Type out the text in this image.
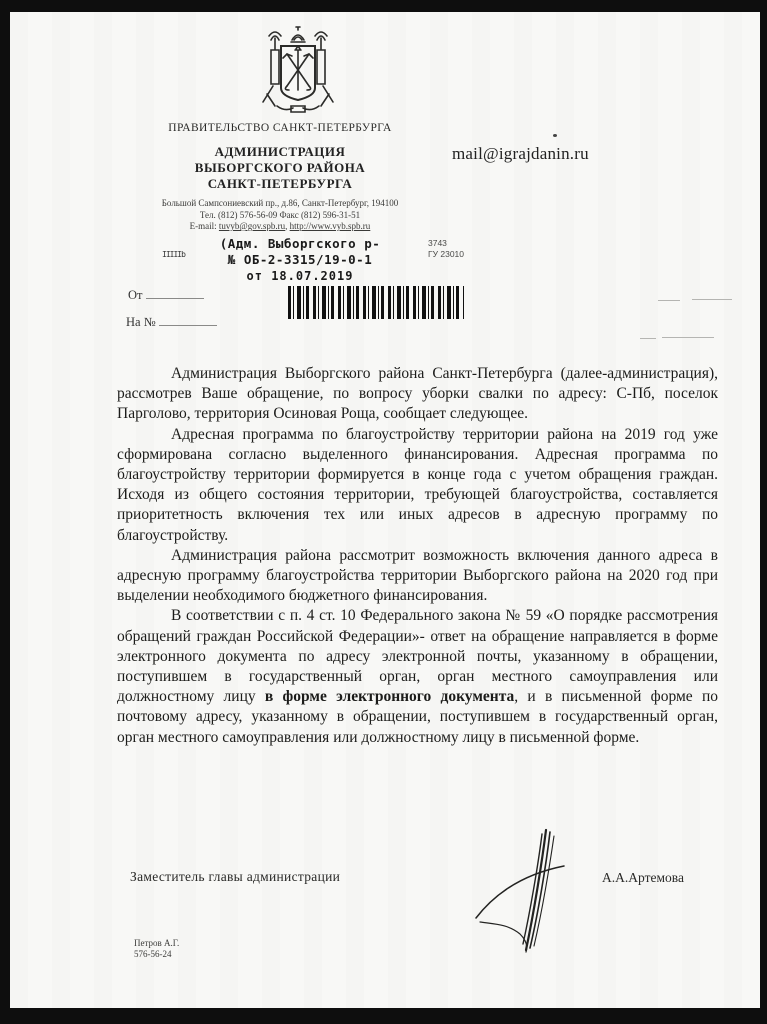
ПРАВИТЕЛЬСТВО САНКТ-ПЕТЕРБУРГА
АДМИНИСТРАЦИЯ
ВЫБОРГСКОГО РАЙОНА
САНКТ-ПЕТЕРБУРГА
Большой Сампсониевский пр., д.86, Санкт-Петербург, 194100
Тел. (812) 576-56-09 Факс (812) 596-31-51
E-mail: tuvyb@gov.spb.ru, http://www.vyb.spb.ru
mail@igrajdanin.ru
IIIIIb
(Адм. Выборгского р-
№ ОБ-2-3315/19-0-1
от 18.07.2019
3743
ГУ 23010
От
На №

Администрация Выборгского района Санкт-Петербурга (далее-администрация), рассмотрев Ваше обращение, по вопросу уборки свалки по адресу: С-Пб, поселок Парголово, территория Осиновая Роща, сообщает следующее.

Адресная программа по благоустройству территории района на 2019 год уже сформирована согласно выделенного финансирования. Адресная программа по благоустройству территории формируется в конце года с учетом обращения граждан. Исходя из общего состояния территории, требующей благоустройства, составляется приоритетность включения тех или иных адресов в адресную программу по благоустройству.

Администрация района рассмотрит возможность включения данного адреса в адресную программу благоустройства территории Выборгского района на 2020 год при выделении необходимого бюджетного финансирования.

В соответствии с п. 4 ст. 10 Федерального закона № 59 «О порядке рассмотрения обращений граждан Российской Федерации»- ответ на обращение направляется в форме электронного документа по адресу электронной почты, указанному в обращении, поступившем в государственный орган, орган местного самоуправления или должностному лицу в форме электронного документа, и в письменной форме по почтовому адресу, указанному в обращении, поступившем в государственный орган, орган местного самоуправления или должностному лицу в письменной форме.

Заместитель главы администрации	А.А.Артемова
Петров А.Г.
576-56-24
